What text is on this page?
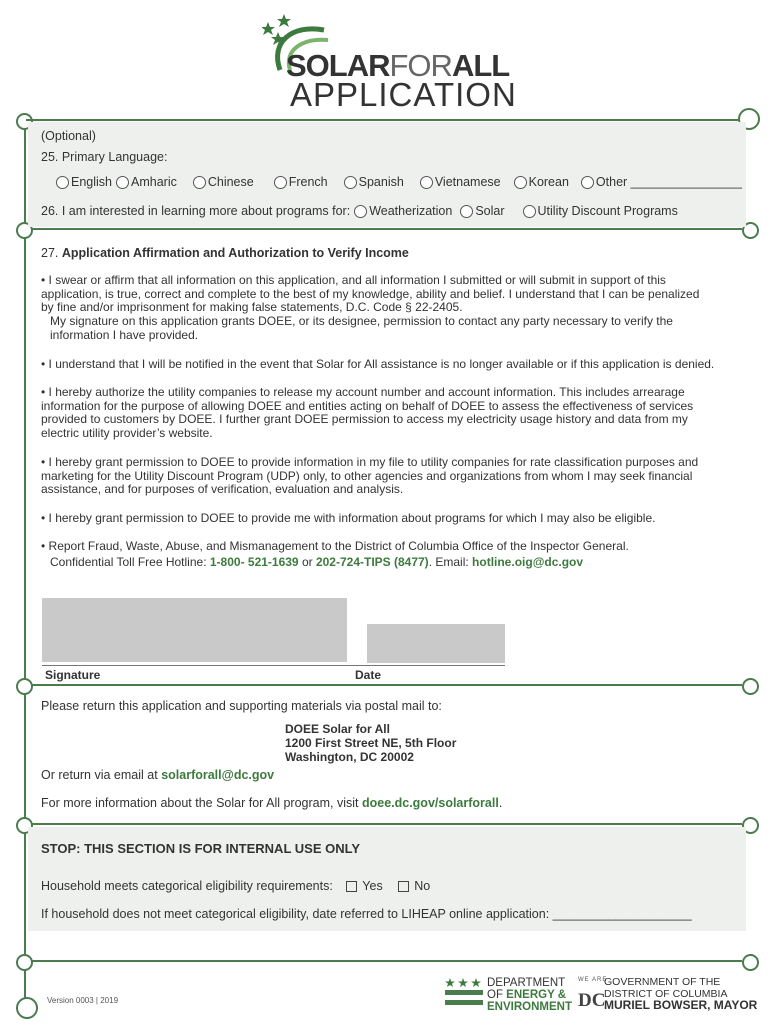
SOLARFORALL
APPLICATION
(Optional)
25. Primary Language:
English	Amharic	Chinese	French	Spanish	Vietnamese	Korean	Other ________________
26. I am interested in learning more about programs for:	Weatherization	Solar	Utility Discount Programs
27. Application Affirmation and Authorization to Verify Income
• I swear or affirm that all information on this application, and all information I submitted or will submit in support of this application, is true, correct and complete to the best of my knowledge, ability and belief. I understand that I can be penalized by fine and/or imprisonment for making false statements, D.C. Code § 22-2405.
My signature on this application grants DOEE, or its designee, permission to contact any party necessary to verify the information I have provided.
• I understand that I will be notified in the event that Solar for All assistance is no longer available or if this application is denied.
• I hereby authorize the utility companies to release my account number and account information. This includes arrearage information for the purpose of allowing DOEE and entities acting on behalf of DOEE to assess the effectiveness of services provided to customers by DOEE. I further grant DOEE permission to access my electricity usage history and data from my electric utility provider’s website.
• I hereby grant permission to DOEE to provide information in my file to utility companies for rate classification purposes and marketing for the Utility Discount Program (UDP) only, to other agencies and organizations from whom I may seek financial assistance, and for purposes of verification, evaluation and analysis.
• I hereby grant permission to DOEE to provide me with information about programs for which I may also be eligible.
• Report Fraud, Waste, Abuse, and Mismanagement to the District of Columbia Office of the Inspector General.
Confidential Toll Free Hotline: 1-800- 521-1639 or 202-724-TIPS (8477). Email: hotline.oig@dc.gov
Signature	Date
Please return this application and supporting materials via postal mail to:
DOEE Solar for All
1200 First Street NE, 5th Floor
Washington, DC 20002
Or return via email at solarforall@dc.gov
For more information about the Solar for All program, visit doee.dc.gov/solarforall.
STOP: THIS SECTION IS FOR INTERNAL USE ONLY
Household meets categorical eligibility requirements: Yes	No
If household does not meet categorical eligibility, date referred to LIHEAP online application: ____________________
Version 0003 | 2019
DEPARTMENT
OF ENERGY &
ENVIRONMENT
WE ARE
DC
GOVERNMENT OF THE
DISTRICT OF COLUMBIA
MURIEL BOWSER, MAYOR
